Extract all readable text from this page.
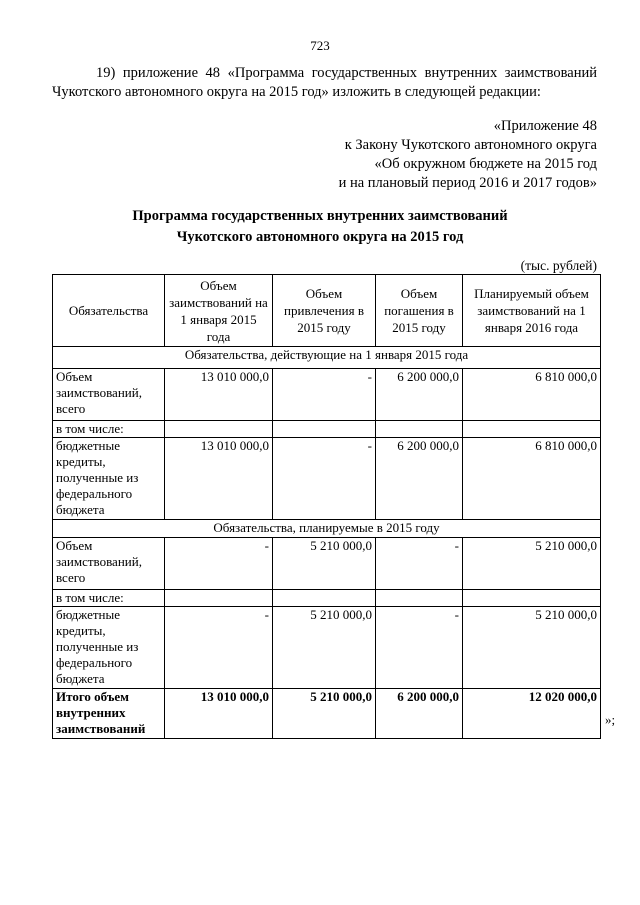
723
19) приложение 48 «Программа государственных внутренних заимствований
Чукотского автономного округа на 2015 год» изложить в следующей редакции:
«Приложение 48
к Закону Чукотского автономного округа
«Об окружном бюджете на 2015 год
и на плановый период 2016 и 2017 годов»
Программа государственных внутренних заимствований
Чукотского автономного округа на 2015 год
(тыс. рублей)
Обязательства	Объем заимствований на 1 января 2015 года	Объем привлечения в 2015 году	Объем погашения в 2015 году	Планируемый объем заимствований на 1 января 2016 года
Обязательства, действующие на 1 января 2015 года				
Объем заимствований, всего	13 010 000,0	-	6 200 000,0	6 810 000,0
в том числе:				
бюджетные кредиты, полученные из федерального бюджета	13 010 000,0	-	6 200 000,0	6 810 000,0
Обязательства, планируемые в 2015 году				
Объем заимствований, всего	-	5 210 000,0	-	5 210 000,0
в том числе:				
бюджетные кредиты, полученные из федерального бюджета	-	5 210 000,0	-	5 210 000,0
Итого объем внутренних заимствований	13 010 000,0	5 210 000,0	6 200 000,0	12 020 000,0
»;
